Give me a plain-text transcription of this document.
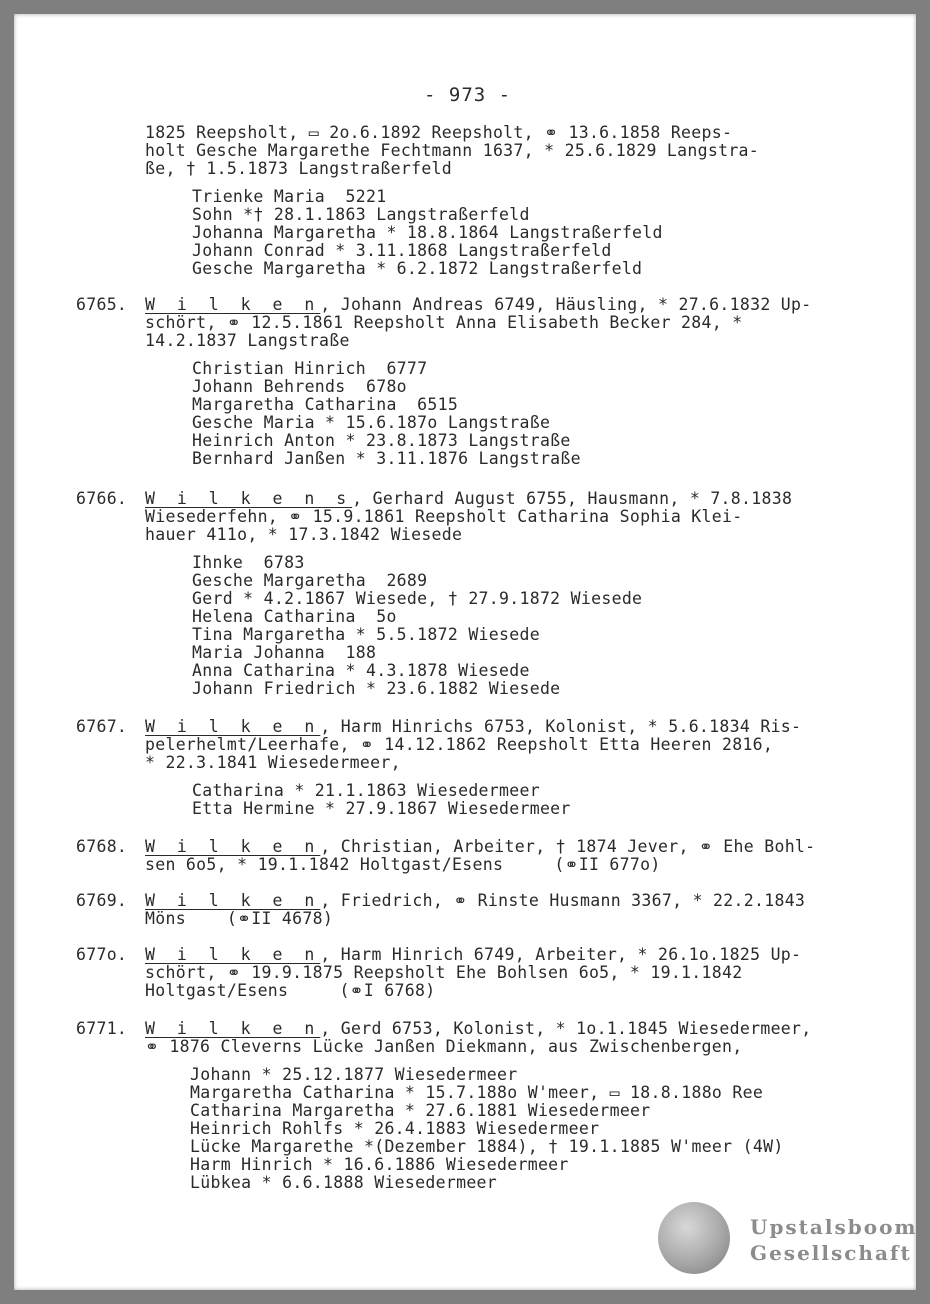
- 973 -
1825 Reepsholt, ▭ 2o.6.1892 Reepsholt, ⚭ 13.6.1858 Reeps-
holt Gesche Margarethe Fechtmann 1637, * 25.6.1829 Langstra-
ße, † 1.5.1873 Langstraßerfeld
Trienke Maria  5221
Sohn *† 28.1.1863 Langstraßerfeld
Johanna Margaretha * 18.8.1864 Langstraßerfeld
Johann Conrad * 3.11.1868 Langstraßerfeld
Gesche Margaretha * 6.2.1872 Langstraßerfeld
6765. W i l k e n, Johann Andreas 6749, Häusling, * 27.6.1832 Up-
schört, ⚭ 12.5.1861 Reepsholt Anna Elisabeth Becker 284, *
14.2.1837 Langstraße
Christian Hinrich  6777
Johann Behrends  678o
Margaretha Catharina  6515
Gesche Maria * 15.6.187o Langstraße
Heinrich Anton * 23.8.1873 Langstraße
Bernhard Janßen * 3.11.1876 Langstraße
6766. W i l k e n s, Gerhard August 6755, Hausmann, * 7.8.1838
Wiesederfehn, ⚭ 15.9.1861 Reepsholt Catharina Sophia Klei-
hauer 411o, * 17.3.1842 Wiesede
Ihnke  6783
Gesche Margaretha  2689
Gerd * 4.2.1867 Wiesede, † 27.9.1872 Wiesede
Helena Catharina  5o
Tina Margaretha * 5.5.1872 Wiesede
Maria Johanna  188
Anna Catharina * 4.3.1878 Wiesede
Johann Friedrich * 23.6.1882 Wiesede
6767. W i l k e n, Harm Hinrichs 6753, Kolonist, * 5.6.1834 Ris-
pelerhelmt/Leerhafe, ⚭ 14.12.1862 Reepsholt Etta Heeren 2816,
* 22.3.1841 Wiesedermeer,
Catharina * 21.1.1863 Wiesedermeer
Etta Hermine * 27.9.1867 Wiesedermeer
6768. W i l k e n, Christian, Arbeiter, † 1874 Jever, ⚭ Ehe Bohl-
sen 6o5, * 19.1.1842 Holtgast/Esens     (⚭II 677o)
6769. W i l k e n, Friedrich, ⚭ Rinste Husmann 3367, * 22.2.1843
Möns    (⚭II 4678)
677o. W i l k e n, Harm Hinrich 6749, Arbeiter, * 26.1o.1825 Up-
schört, ⚭ 19.9.1875 Reepsholt Ehe Bohlsen 6o5, * 19.1.1842
Holtgast/Esens     (⚭I 6768)
6771. W i l k e n, Gerd 6753, Kolonist, * 1o.1.1845 Wiesedermeer,
⚭ 1876 Cleverns Lücke Janßen Diekmann, aus Zwischenbergen,
Johann * 25.12.1877 Wiesedermeer
Margaretha Catharina * 15.7.188o W'meer, ▭ 18.8.188o Ree
Catharina Margaretha * 27.6.1881 Wiesedermeer
Heinrich Rohlfs * 26.4.1883 Wiesedermeer
Lücke Margarethe *(Dezember 1884), † 19.1.1885 W'meer (4W)
Harm Hinrich * 16.6.1886 Wiesedermeer
Lübkea * 6.6.1888 Wiesedermeer
Upstalsboom
Gesellschaft
